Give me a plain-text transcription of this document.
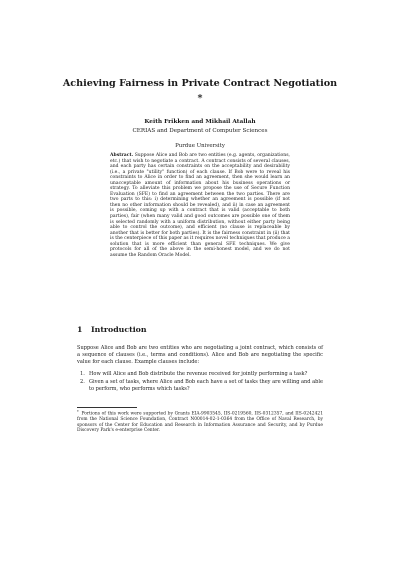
Achieving Fairness in Private Contract Negotiation *
Keith Frikken and Mikhail Atallah
CERIAS and Department of Computer Sciences
Purdue University
Abstract. Suppose Alice and Bob are two entities (e.g. agents, organizations, etc.) that wish to negotiate a contract. A contract consists of several clauses, and each party has certain constraints on the acceptability and desirability (i.e., a private "utility" function) of each clause. If Bob were to reveal his constraints to Alice in order to find an agreement, then she would learn an unacceptable amount of information about his business operations or strategy. To alleviate this problem we propose the use of Secure Function Evaluation (SFE) to find an agreement between the two parties. There are two parts to this: i) determining whether an agreement is possible (if not then no other information should be revealed), and ii) in case an agreement is possible, coming up with a contract that is valid (acceptable to both parties), fair (when many valid and good outcomes are possible one of them is selected randomly with a uniform distribution, without either party being able to control the outcome), and efficient (no clause is replaceable by another that is better for both parties). It is the fairness constraint in (ii) that is the centerpiece of this paper as it requires novel techniques that produce a solution that is more efficient than general SFE techniques. We give protocols for all of the above in the semi-honest model, and we do not assume the Random Oracle Model.
1 Introduction
Suppose Alice and Bob are two entities who are negotiating a joint contract, which consists of a sequence of clauses (i.e., terms and conditions). Alice and Bob are negotiating the specific value for each clause. Example clauses include:
1. How will Alice and Bob distribute the revenue received for jointly performing a task?
2. Given a set of tasks, where Alice and Bob each have a set of tasks they are willing and able to perform, who performs which tasks?
* Portions of this work were supported by Grants EIA-9903545, IIS-0219560, IIS-0312357, and IIS-0242421 from the National Science Foundation, Contract N00014-02-1-0364 from the Office of Naval Research, by sponsors of the Center for Education and Research in Information Assurance and Security, and by Purdue Discovery Park's e-enterprise Center.
